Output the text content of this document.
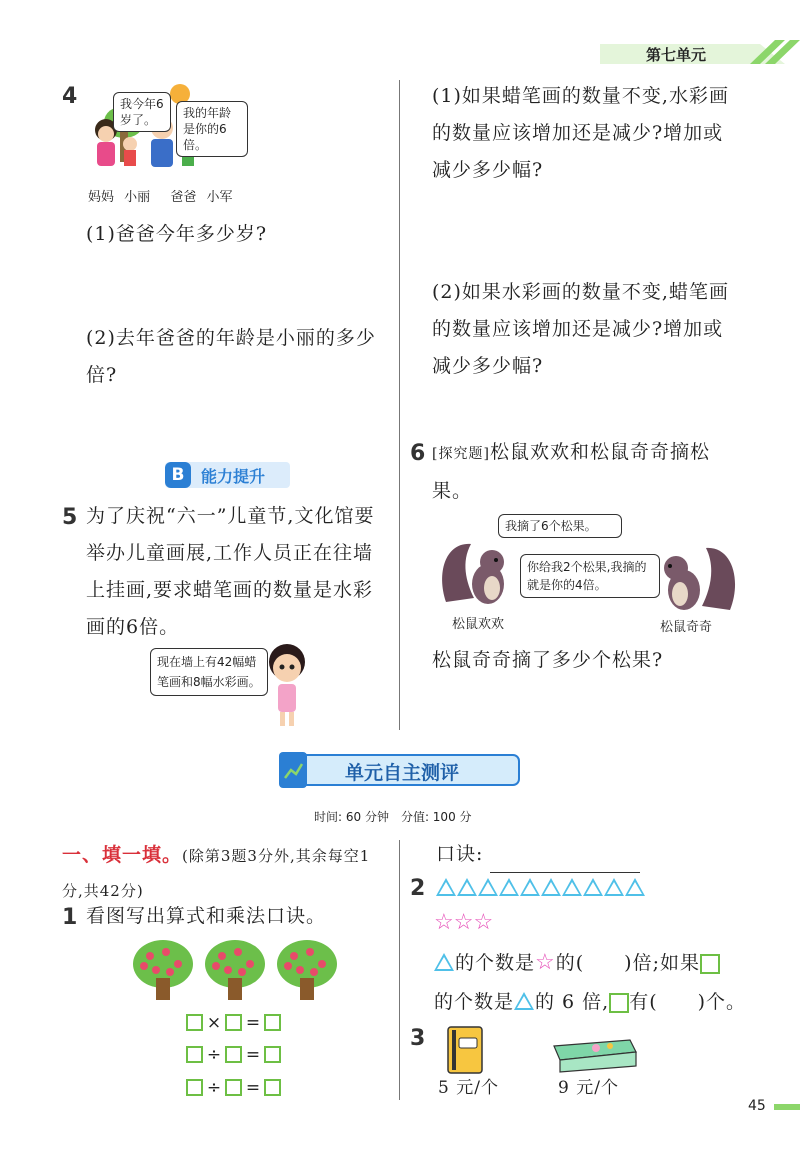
第七单元
4	我今年6岁了。	我的年龄是你的6倍。
妈妈 小丽 爸爸 小军
(1)爸爸今年多少岁?
(2)去年爸爸的年龄是小丽的多少倍?
B	能力提升
5 为了庆祝“六一”儿童节,文化馆要举办儿童画展,工作人员正在往墙上挂画,要求蜡笔画的数量是水彩画的6倍。
现在墙上有42幅蜡笔画和8幅水彩画。
(1)如果蜡笔画的数量不变,水彩画的数量应该增加还是减少?增加或减少多少幅?
(2)如果水彩画的数量不变,蜡笔画的数量应该增加还是减少?增加或减少多少幅?
6 [探究题]松鼠欢欢和松鼠奇奇摘松果。
我摘了6个松果。
你给我2个松果,我摘的就是你的4倍。
松鼠欢欢	松鼠奇奇
松鼠奇奇摘了多少个松果?
单元自主测评
时间: 60 分钟　分值: 100 分
一、填一填。(除第3题3分外,其余每空1分,共42分)
1 看图写出算式和乘法口诀。
× =
÷ =
÷ =
口诀:
2
☆☆☆
的个数是☆的(　　)倍;如果
的个数是 的 6 倍, 有(　　)个。
3
5 元/个	9 元/个
45
